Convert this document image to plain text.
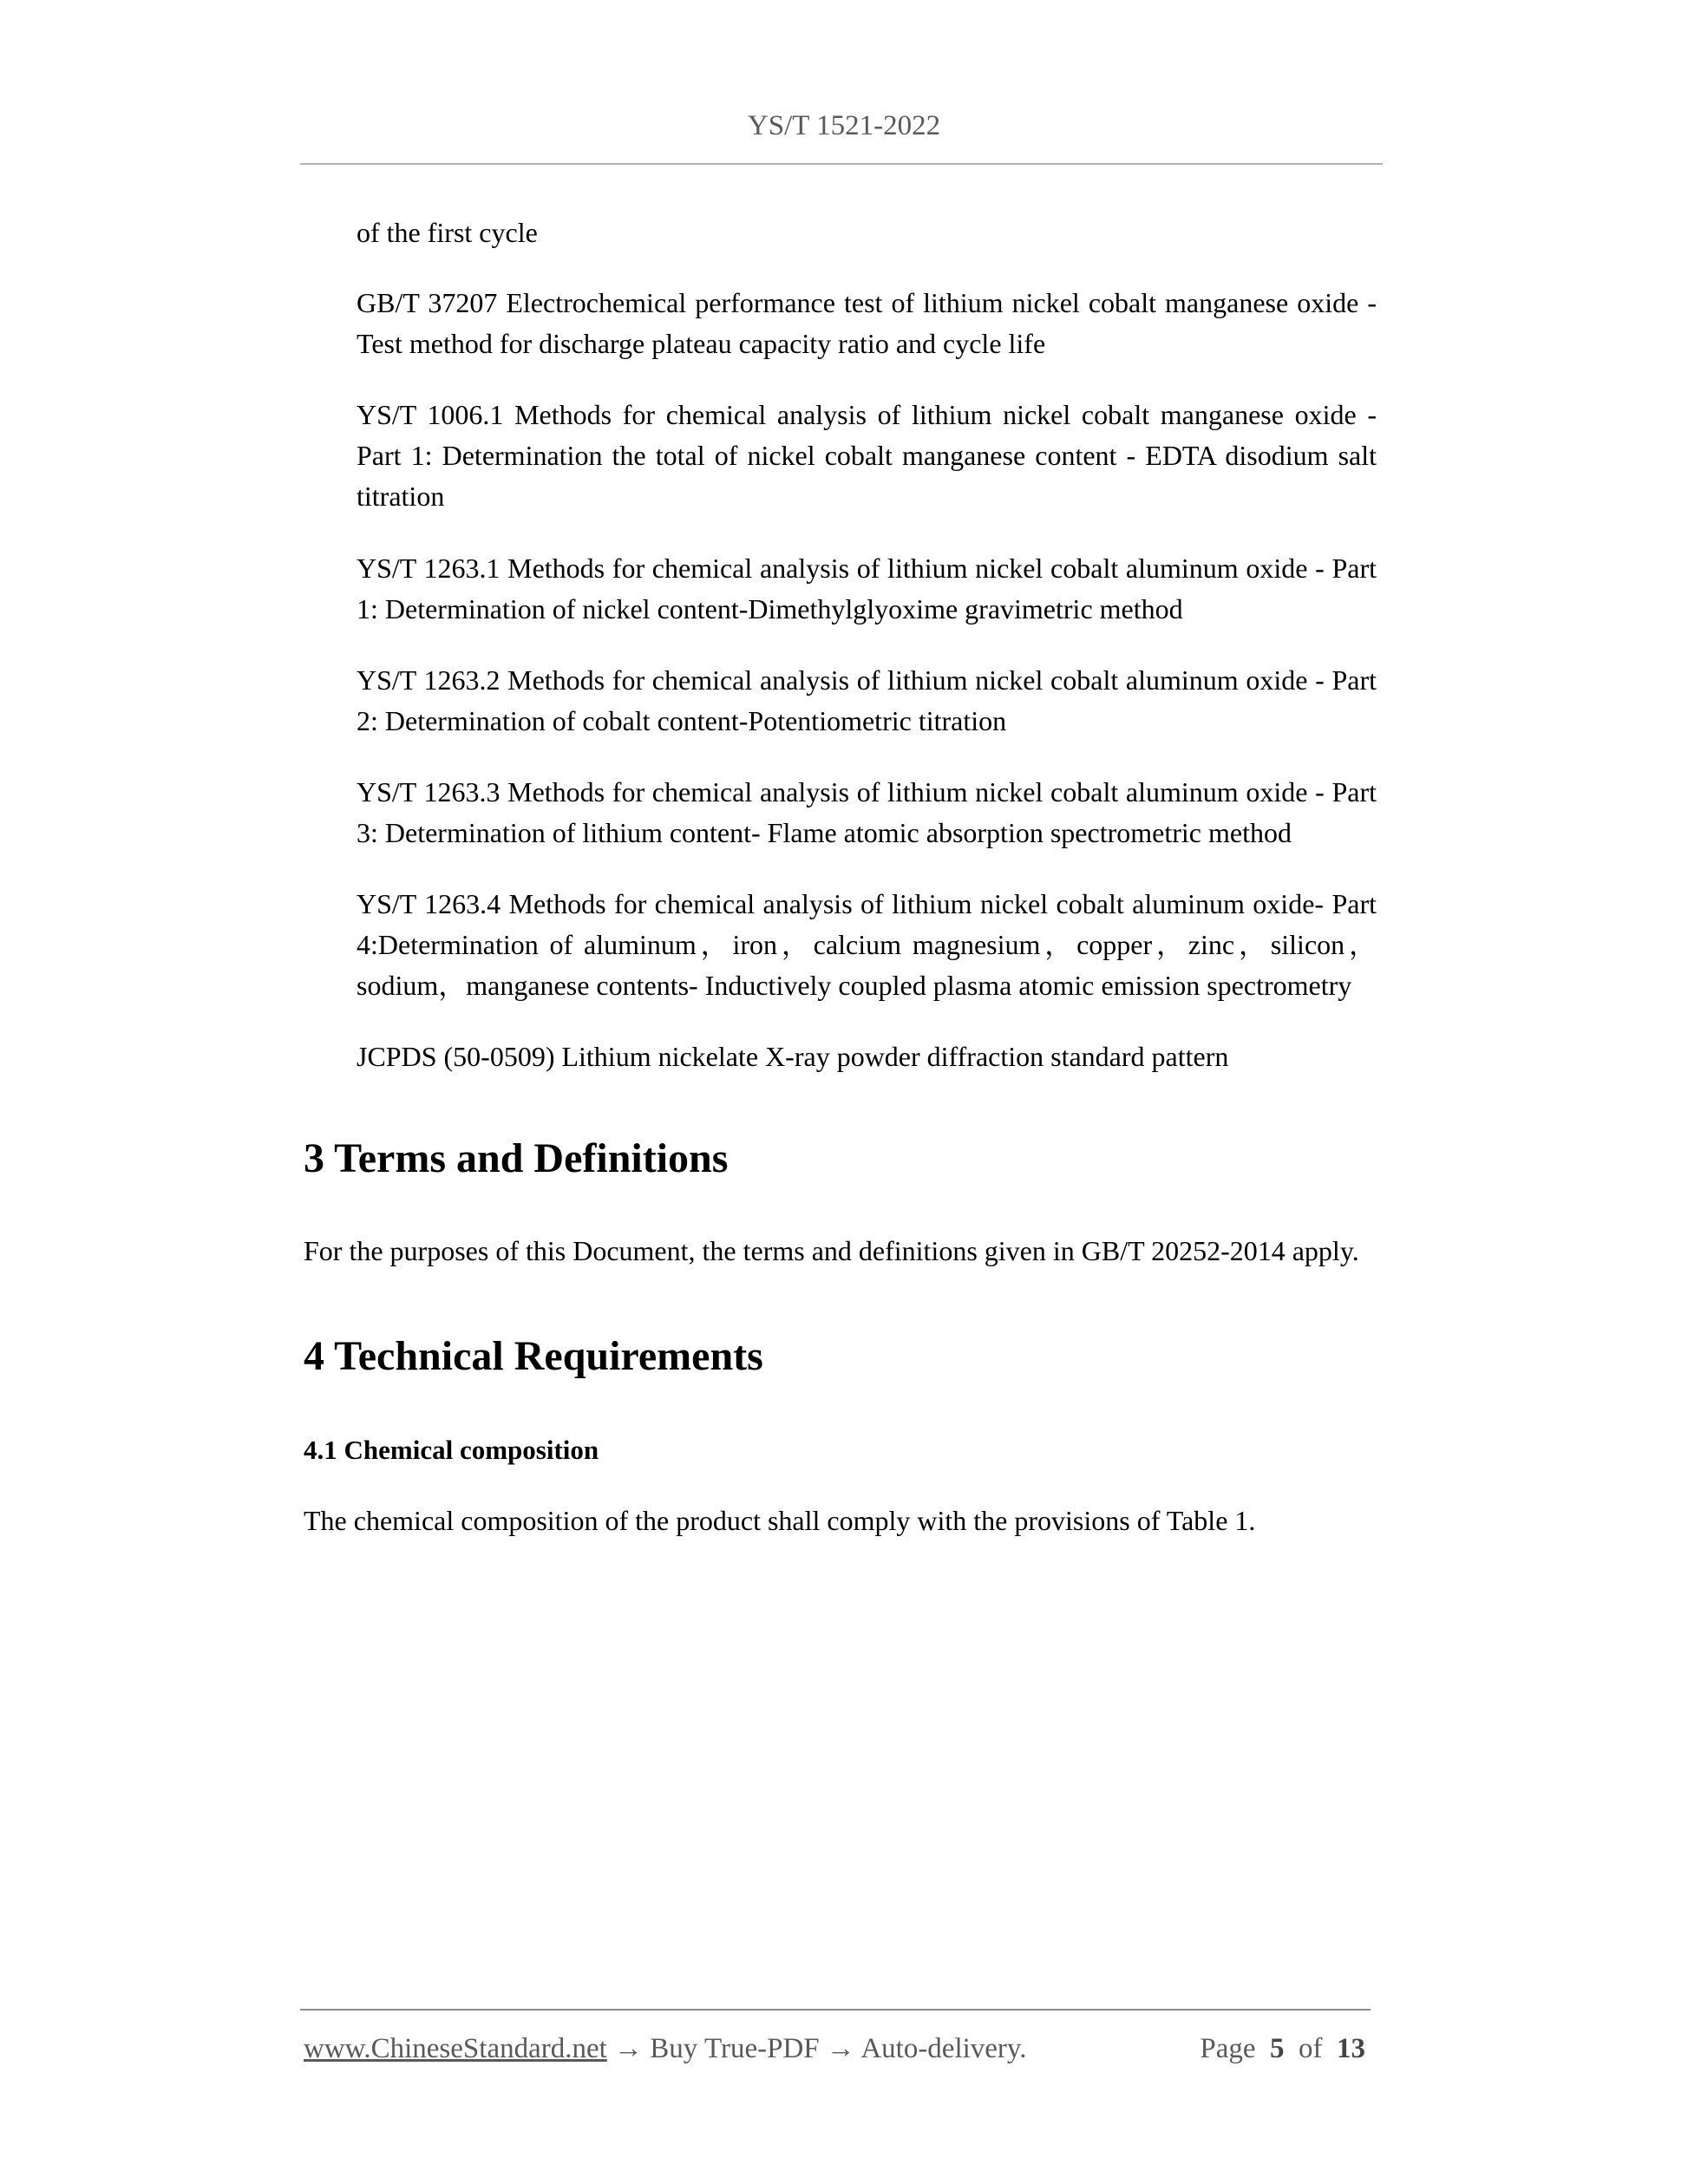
YS/T 1521-2022

of the first cycle

GB/T 37207 Electrochemical performance test of lithium nickel cobalt manganese oxide - Test method for discharge plateau capacity ratio and cycle life

YS/T 1006.1 Methods for chemical analysis of lithium nickel cobalt manganese oxide - Part 1: Determination the total of nickel cobalt manganese content - EDTA disodium salt titration

YS/T 1263.1 Methods for chemical analysis of lithium nickel cobalt aluminum oxide - Part 1: Determination of nickel content-Dimethylglyoxime gravimetric method

YS/T 1263.2 Methods for chemical analysis of lithium nickel cobalt aluminum oxide - Part 2: Determination of cobalt content-Potentiometric titration

YS/T 1263.3 Methods for chemical analysis of lithium nickel cobalt aluminum oxide - Part 3: Determination of lithium content- Flame atomic absorption spectrometric method

YS/T 1263.4 Methods for chemical analysis of lithium nickel cobalt aluminum oxide- Part 4:Determination of aluminum，iron，calcium magnesium，copper，zinc，silicon，sodium，manganese contents- Inductively coupled plasma atomic emission spectrometry

JCPDS (50-0509) Lithium nickelate X-ray powder diffraction standard pattern

3 Terms and Definitions

For the purposes of this Document, the terms and definitions given in GB/T 20252-2014 apply.

4 Technical Requirements
4.1 Chemical composition

The chemical composition of the product shall comply with the provisions of Table 1.

www.ChineseStandard.net → Buy True-PDF → Auto-delivery.	Page 5 of 13
